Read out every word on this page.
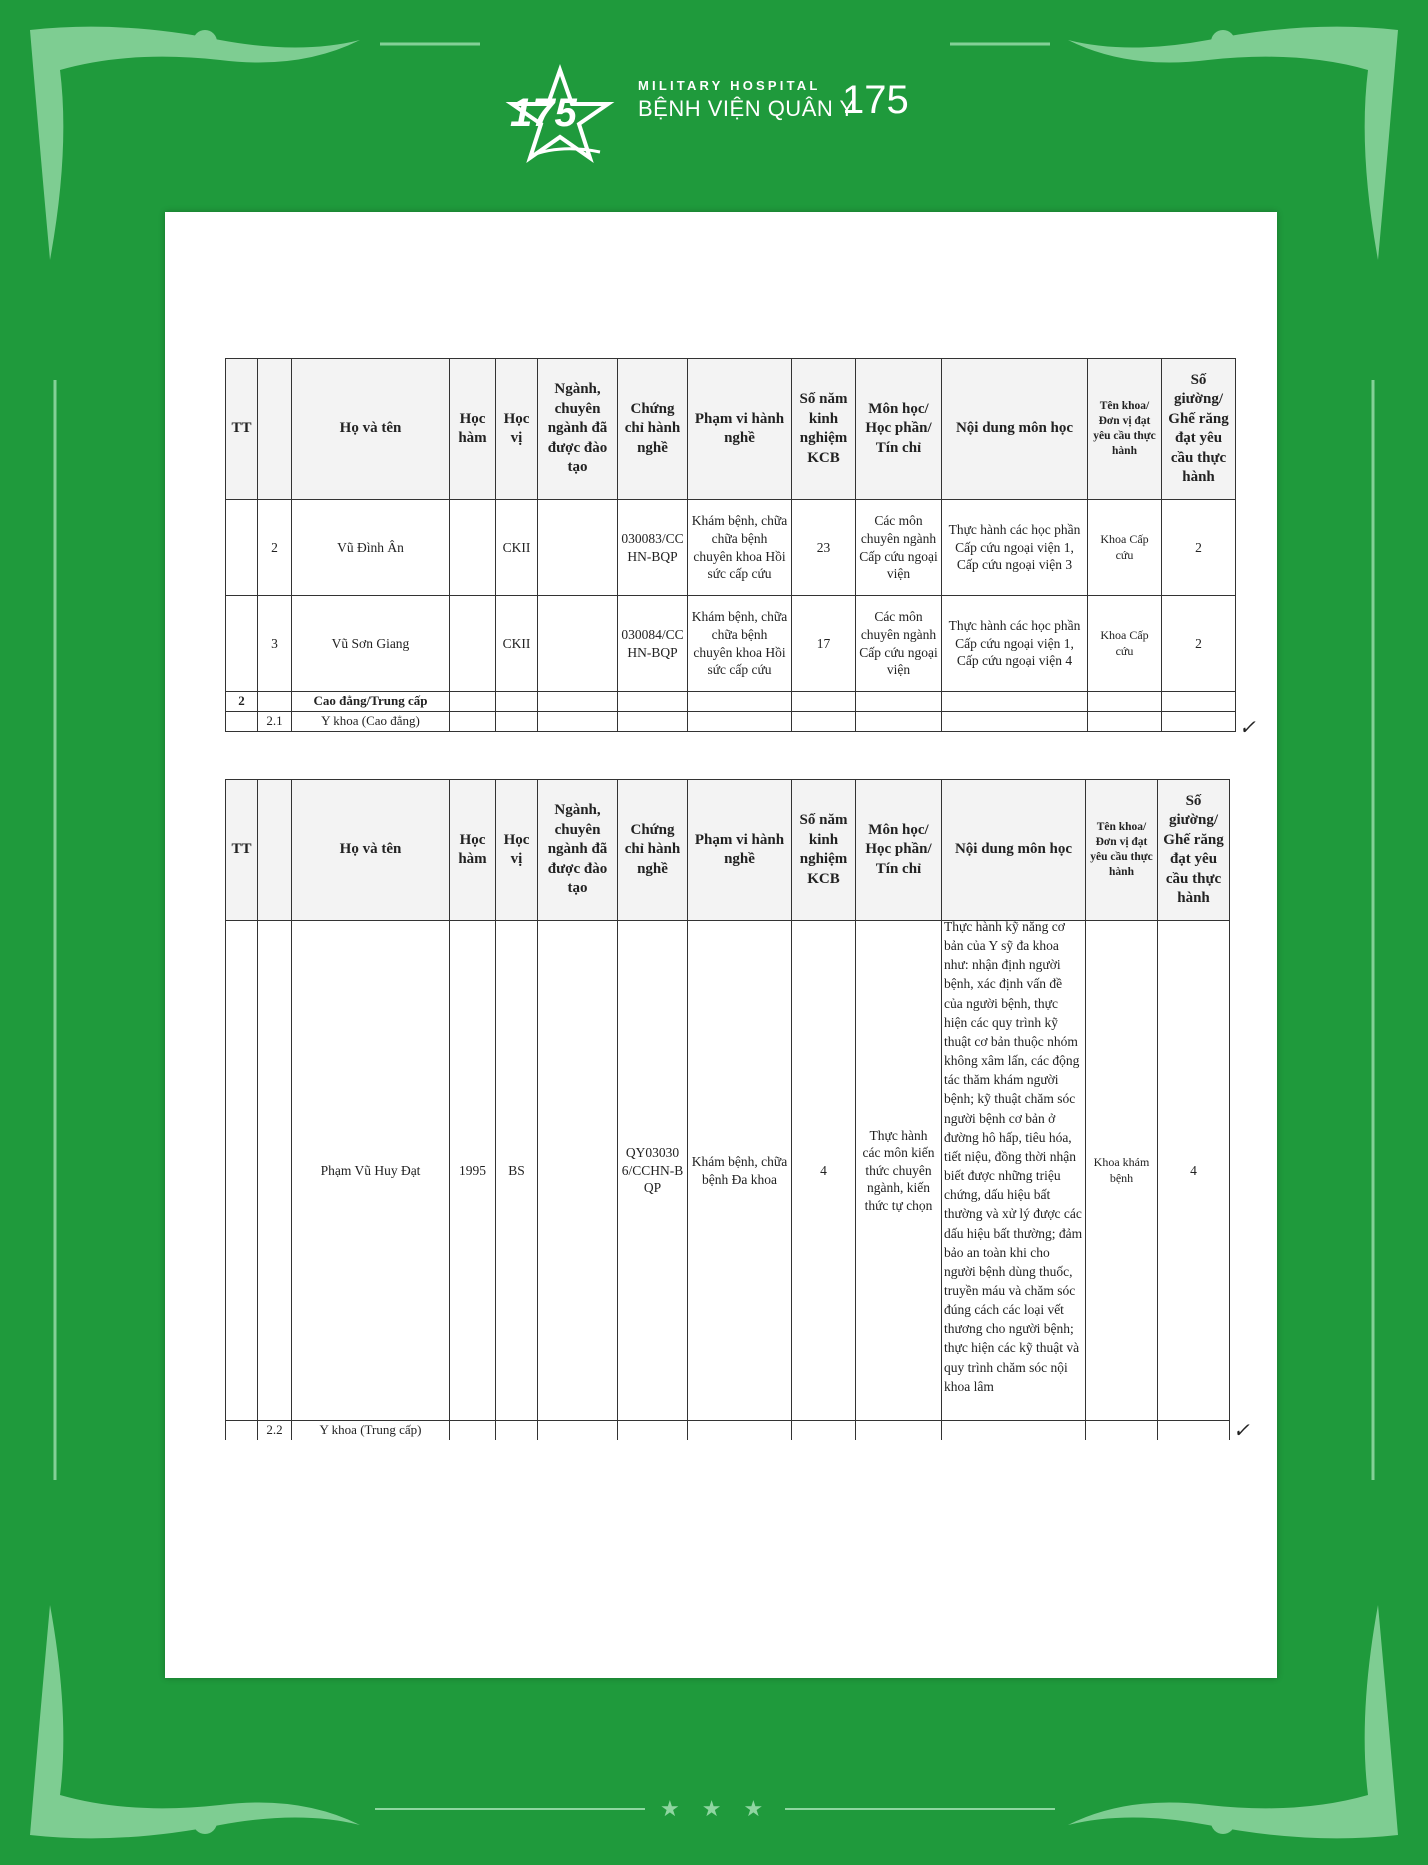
★★★
175
MILITARY HOSPITAL
BỆNH VIỆN QUÂN Y
175
TT		Họ và tên	Học hàm	Học vị	Ngành, chuyên ngành đã được đào tạo	Chứng chỉ hành nghề	Phạm vi hành nghề	Số năm kinh nghiệm KCB	Môn học/ Học phần/ Tín chỉ	Nội dung môn học	Tên khoa/ Đơn vị đạt yêu cầu thực hành	Số giường/ Ghế răng đạt yêu cầu thực hành
	2	Vũ Đình Ân		CKII		030083/CCHN-BQP	Khám bệnh, chữa chữa bệnh chuyên khoa Hồi sức cấp cứu	23	Các môn chuyên ngành Cấp cứu ngoại viện	Thực hành các học phần Cấp cứu ngoại viện 1, Cấp cứu ngoại viện 3	Khoa Cấp cứu	2
	3	Vũ Sơn Giang		CKII		030084/CCHN-BQP	Khám bệnh, chữa chữa bệnh chuyên khoa Hồi sức cấp cứu	17	Các môn chuyên ngành Cấp cứu ngoại viện	Thực hành các học phần Cấp cứu ngoại viện 1, Cấp cứu ngoại viện 4	Khoa Cấp cứu	2
2		Cao đẳng/Trung cấp										
	2.1	Y khoa (Cao đẳng)											✓
TT		Họ và tên	Học hàm	Học vị	Ngành, chuyên ngành đã được đào tạo	Chứng chỉ hành nghề	Phạm vi hành nghề	Số năm kinh nghiệm KCB	Môn học/ Học phần/ Tín chỉ	Nội dung môn học	Tên khoa/ Đơn vị đạt yêu cầu thực hành	Số giường/ Ghế răng đạt yêu cầu thực hành
		Phạm Vũ Huy Đạt	1995	BS		QY030306/CCHN-BQP	Khám bệnh, chữa bệnh Đa khoa	4	Thực hành các môn kiến thức chuyên ngành, kiến thức tự chọn	Thực hành kỹ năng cơ bản của Y sỹ đa khoa như: nhận định người bệnh, xác định vấn đề của người bệnh, thực hiện các quy trình kỹ thuật cơ bản thuộc nhóm không xâm lấn, các động tác thăm khám người bệnh; kỹ thuật chăm sóc người bệnh cơ bản ở đường hô hấp, tiêu hóa, tiết niệu, đồng thời nhận biết được những triệu chứng, dấu hiệu bất thường và xử lý được các dấu hiệu bất thường; đảm bảo an toàn khi cho người bệnh dùng thuốc, truyền máu và chăm sóc đúng cách các loại vết thương cho người bệnh; thực hiện các kỹ thuật và quy trình chăm sóc nội khoa lâm	Khoa khám bệnh	4
	2.2	Y khoa (Trung cấp)											✓
